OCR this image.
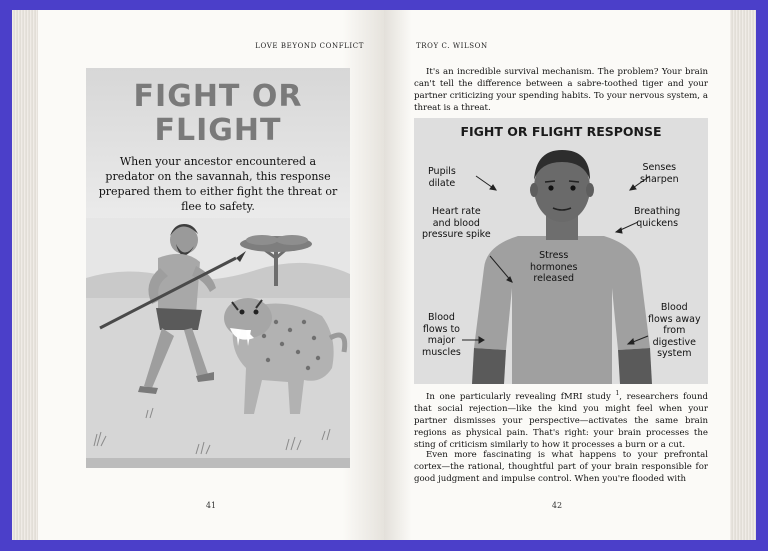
LOVE BEYOND CONFLICT
FIGHT OR
FLIGHT
When your ancestor encountered a predator on the savannah, this response prepared them to either fight the threat or flee to safety.
41
TROY C. WILSON

It's an incredible survival mechanism. The problem? Your brain can't tell the difference between a sabre-toothed tiger and your partner criticizing your spending habits. To your nervous system, a threat is a threat.

FIGHT OR FLIGHT RESPONSE
Pupils
dilate
Senses
sharpen
Heart rate
and blood
pressure spike
Breathing
quickens
Stress
hormones
released
Blood
flows to
major
muscles
Blood
flows away
from
digestive
system

In one particularly revealing fMRI study $^1$, researchers found that social rejection—like the kind you might feel when your partner dismisses your perspective—activates the same brain regions as physical pain. That's right: your brain processes the sting of criticism similarly to how it processes a burn or a cut.

Even more fascinating is what happens to your prefrontal cortex—the rational, thoughtful part of your brain responsible for good judgment and impulse control. When you're flooded with

42
